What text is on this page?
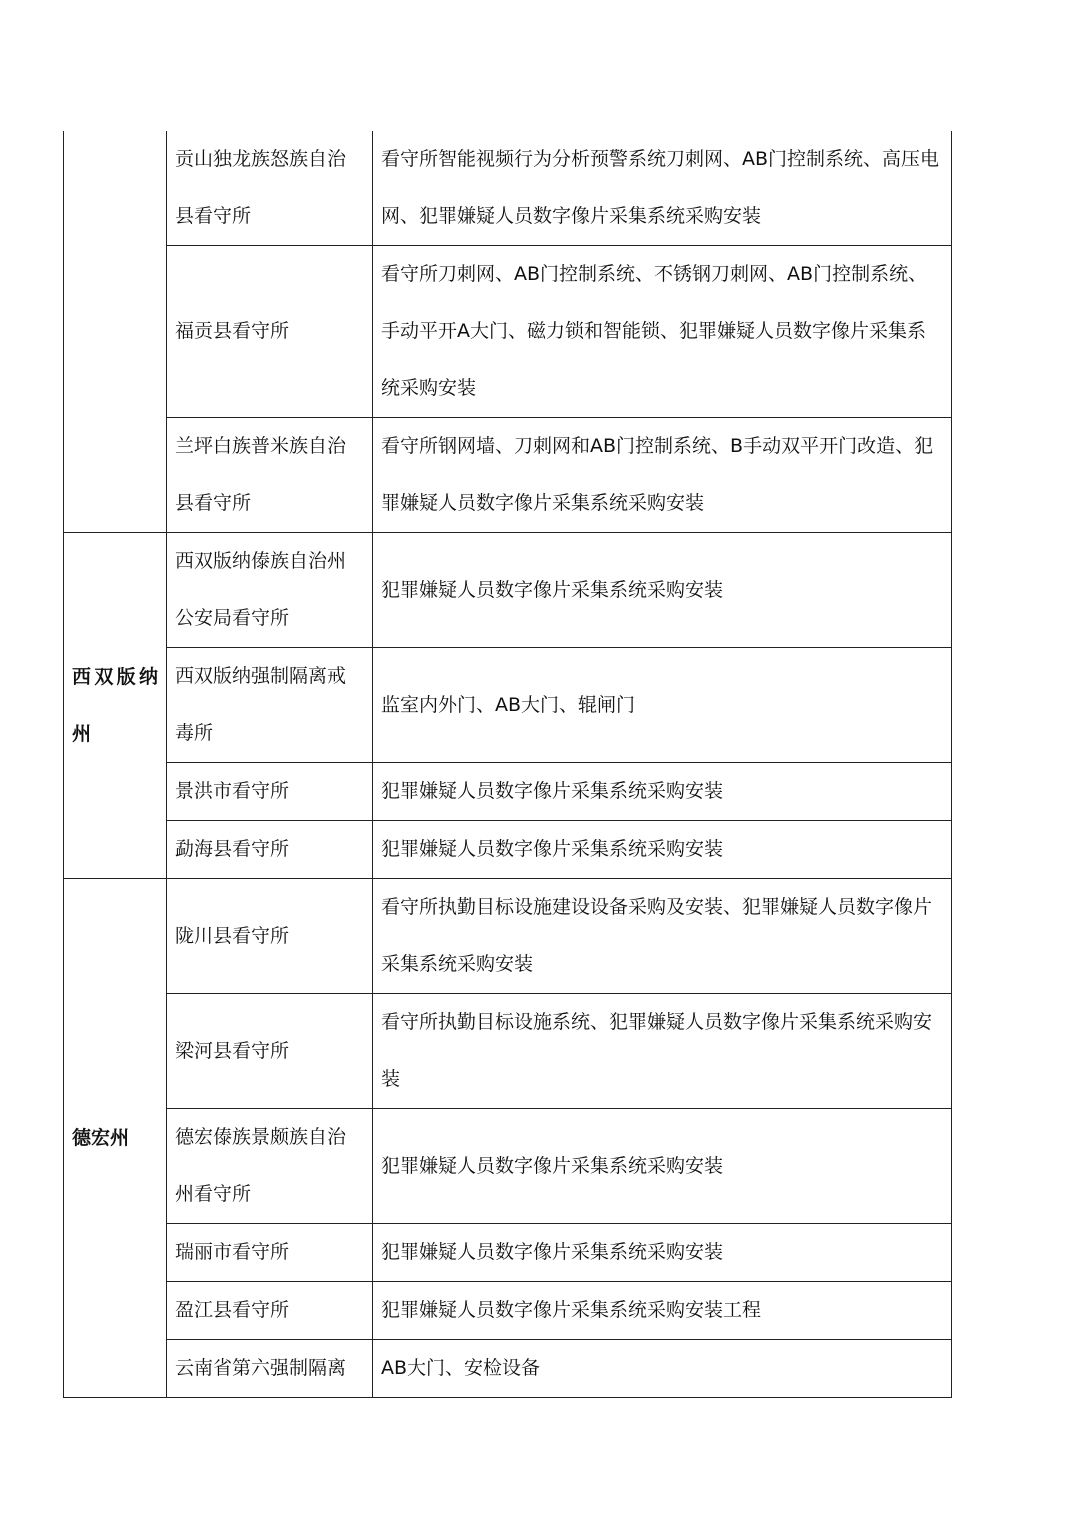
	贡山独龙族怒族自治县看守所	看守所智能视频行为分析预警系统刀刺网、AB门控制系统、高压电网、犯罪嫌疑人员数字像片采集系统采购安装
	福贡县看守所	看守所刀刺网、AB门控制系统、不锈钢刀刺网、AB门控制系统、手动平开A大门、磁力锁和智能锁、犯罪嫌疑人员数字像片采集系统采购安装
	兰坪白族普米族自治县看守所	看守所钢网墙、刀刺网和AB门控制系统、B手动双平开门改造、犯罪嫌疑人员数字像片采集系统采购安装
西双版纳州	西双版纳傣族自治州公安局看守所	犯罪嫌疑人员数字像片采集系统采购安装
	西双版纳强制隔离戒毒所	监室内外门、AB大门、辊闸门
	景洪市看守所	犯罪嫌疑人员数字像片采集系统采购安装
	勐海县看守所	犯罪嫌疑人员数字像片采集系统采购安装
德宏州	陇川县看守所	看守所执勤目标设施建设设备采购及安装、犯罪嫌疑人员数字像片采集系统采购安装
	梁河县看守所	看守所执勤目标设施系统、犯罪嫌疑人员数字像片采集系统采购安装
	德宏傣族景颇族自治州看守所	犯罪嫌疑人员数字像片采集系统采购安装
	瑞丽市看守所	犯罪嫌疑人员数字像片采集系统采购安装
	盈江县看守所	犯罪嫌疑人员数字像片采集系统采购安装工程
	云南省第六强制隔离	AB大门、安检设备
